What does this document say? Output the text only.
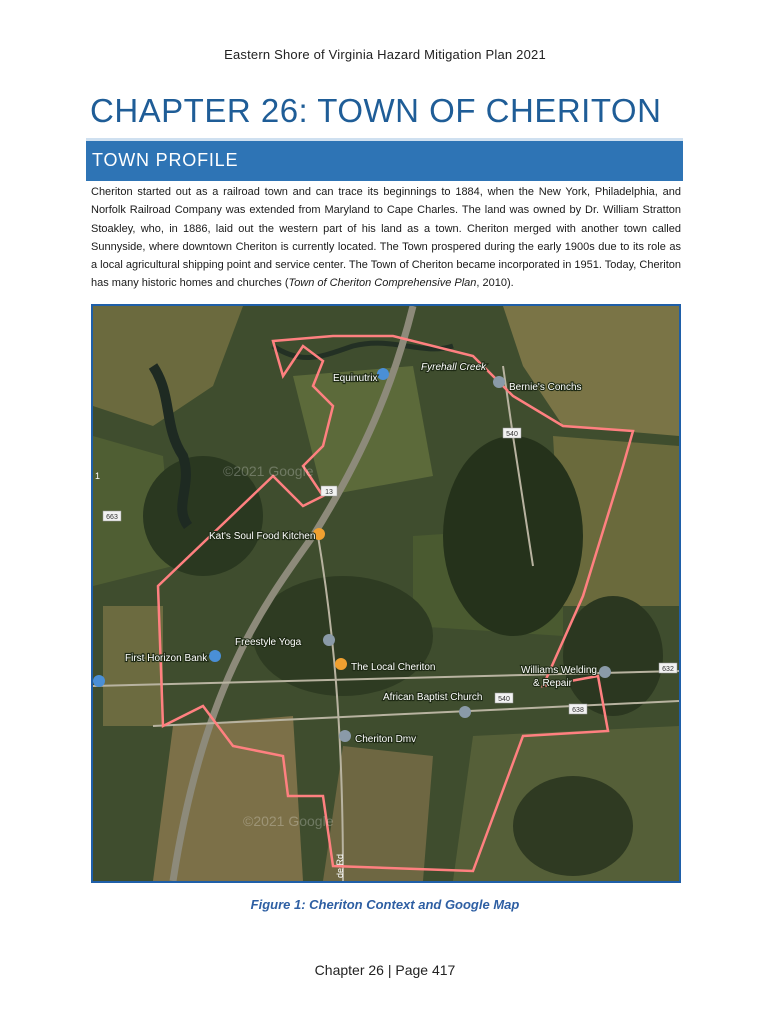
Eastern Shore of Virginia Hazard Mitigation Plan 2021
CHAPTER 26: TOWN OF CHERITON
TOWN PROFILE
Cheriton started out as a railroad town and can trace its beginnings to 1884, when the New York, Philadelphia, and Norfolk Railroad Company was extended from Maryland to Cape Charles. The land was owned by Dr. William Stratton Stoakley, who, in 1886, laid out the western part of his land as a town. Cheriton merged with another town called Sunnyside, where downtown Cheriton is currently located. The Town prospered during the early 1900s due to its role as a local agricultural shipping point and service center. The Town of Cheriton became incorporated in 1951. Today, Cheriton has many historic homes and churches (Town of Cheriton Comprehensive Plan, 2010).
©2021 Google
©2021 Google
540
13
663
632
540
638
1
de Rd
Equinutrix
Fyrehall Creek
Bernie's Conchs
Kat's Soul Food Kitchen
Freestyle Yoga
First Horizon Bank
The Local Cheriton	Williams Welding
& Repair
African Baptist Church
Cheriton Dmv
Figure 1: Cheriton Context and Google Map
Chapter 26 | Page 417
